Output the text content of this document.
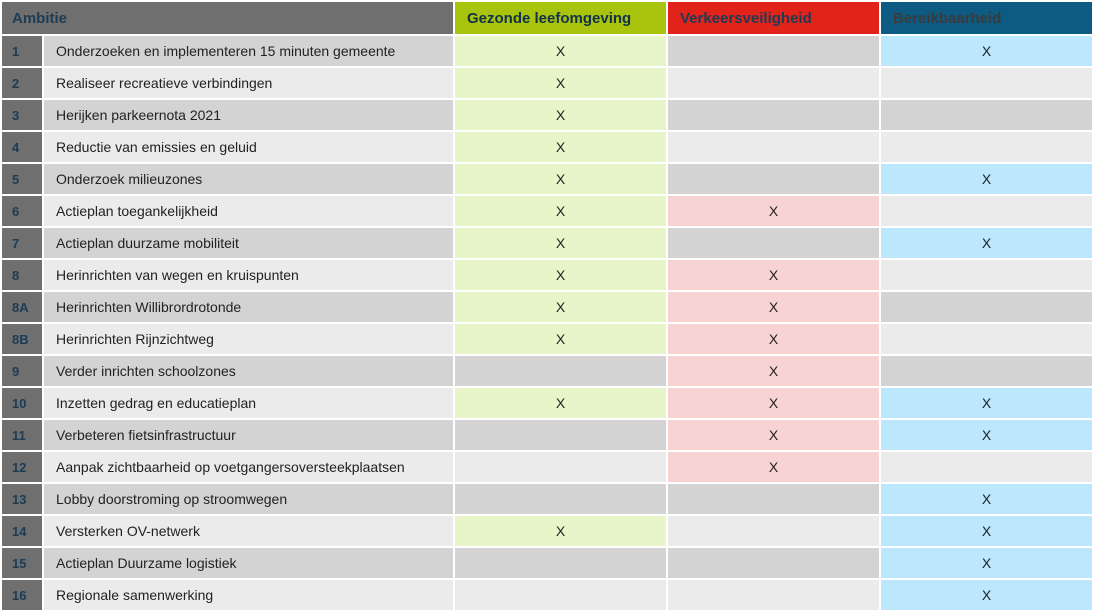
Ambitie		Gezonde leefomgeving	Verkeersveiligheid	Bereikbaarheid
1	Onderzoeken en implementeren 15 minuten gemeente	X		X
2	Realiseer recreatieve verbindingen	X		
3	Herijken parkeernota 2021	X		
4	Reductie van emissies en geluid	X		
5	Onderzoek milieuzones	X		X
6	Actieplan toegankelijkheid	X	X	
7	Actieplan duurzame mobiliteit	X		X
8	Herinrichten van wegen en kruispunten	X	X	
8A	Herinrichten Willibrordrotonde	X	X	
8B	Herinrichten Rijnzichtweg	X	X	
9	Verder inrichten schoolzones		X	
10	Inzetten gedrag en educatieplan	X	X	X
11	Verbeteren fietsinfrastructuur		X	X
12	Aanpak zichtbaarheid op voetgangersoversteekplaatsen		X	
13	Lobby doorstroming op stroomwegen			X
14	Versterken OV-netwerk	X		X
15	Actieplan Duurzame logistiek			X
16	Regionale samenwerking			X
